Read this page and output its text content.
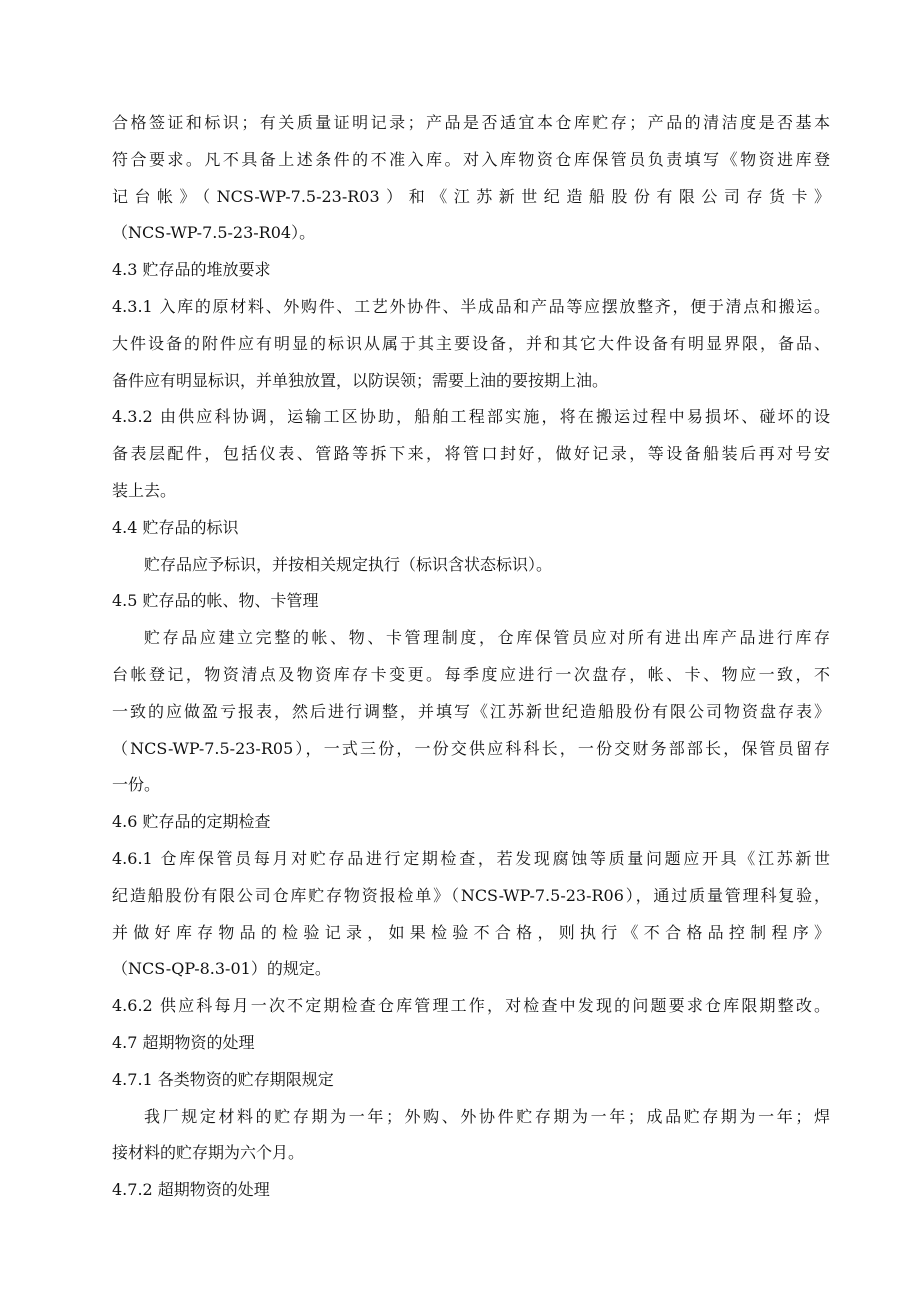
合格签证和标识；有关质量证明记录；产品是否适宜本仓库贮存；产品的清洁度是否基本
符合要求。凡不具备上述条件的不准入库。对入库物资仓库保管员负责填写《物资进库登
记台帐》（NCS-WP-7.5-23-R03）和《江苏新世纪造船股份有限公司存货卡》
（NCS-WP-7.5-23-R04）。
4.3 贮存品的堆放要求
4.3.1 入库的原材料、外购件、工艺外协件、半成品和产品等应摆放整齐，便于清点和搬运。
大件设备的附件应有明显的标识从属于其主要设备，并和其它大件设备有明显界限，备品、
备件应有明显标识，并单独放置，以防误领；需要上油的要按期上油。
4.3.2 由供应科协调，运输工区协助，船舶工程部实施，将在搬运过程中易损坏、碰坏的设
备表层配件，包括仪表、管路等拆下来，将管口封好，做好记录，等设备船装后再对号安
装上去。
4.4 贮存品的标识
贮存品应予标识，并按相关规定执行（标识含状态标识）。
4.5 贮存品的帐、物、卡管理
贮存品应建立完整的帐、物、卡管理制度，仓库保管员应对所有进出库产品进行库存
台帐登记，物资清点及物资库存卡变更。每季度应进行一次盘存，帐、卡、物应一致，不
一致的应做盈亏报表，然后进行调整，并填写《江苏新世纪造船股份有限公司物资盘存表》
（NCS-WP-7.5-23-R05），一式三份，一份交供应科科长，一份交财务部部长，保管员留存
一份。
4.6 贮存品的定期检查
4.6.1 仓库保管员每月对贮存品进行定期检查，若发现腐蚀等质量问题应开具《江苏新世
纪造船股份有限公司仓库贮存物资报检单》（NCS-WP-7.5-23-R06），通过质量管理科复验，
并做好库存物品的检验记录，如果检验不合格，则执行《不合格品控制程序》
（NCS-QP-8.3-01）的规定。
4.6.2 供应科每月一次不定期检查仓库管理工作，对检查中发现的问题要求仓库限期整改。
4.7 超期物资的处理
4.7.1 各类物资的贮存期限规定
我厂规定材料的贮存期为一年；外购、外协件贮存期为一年；成品贮存期为一年；焊
接材料的贮存期为六个月。
4.7.2 超期物资的处理
